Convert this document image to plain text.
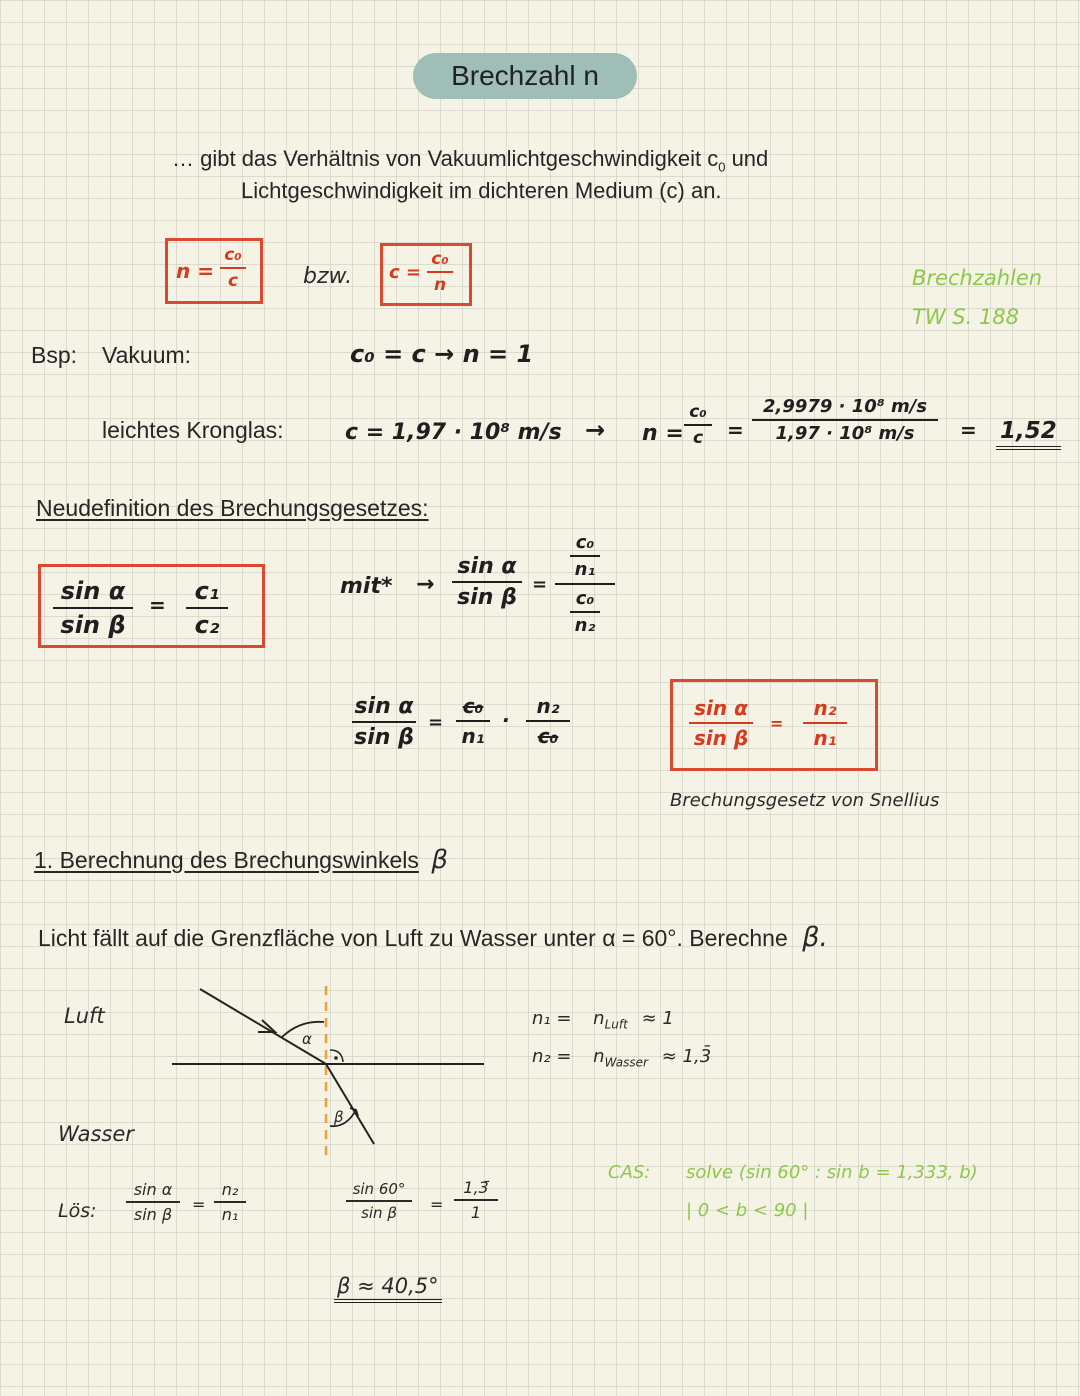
Brechzahl n
… gibt das Verhältnis von Vakuumlichtgeschwindigkeit $c_0$ und
Lichtgeschwindigkeit im dichteren Medium (c) an.
n =
c₀
c	bzw. c =
c₀
n	Brechzahlen
TW S. 188
Bsp: Vakuum:	c₀ = c → n = 1
leichtes Kronglas:	c = 1,97 · 10⁸ m/s → n =
c₀
c =
2,9979 · 10⁸ m/s
1,97 · 10⁸ m/s = 1,52
Neudefinition des Brechungsgesetzes:
sin α
sin β
= c₁
c₂
mit* →
sin α
sin β
=
c₀
n₁
c₀
n₂
sin α
sin β
=
c₀
n₁
·
n₂
c₀
sin α
sin β
=
n₂
n₁
Brechungsgesetz von Snellius
1. Berechnung des Brechungswinkels β
Licht fällt auf die Grenzfläche von Luft zu Wasser unter α = 60°. Berechne β.
Luft
Wasser
α
β
$n_1 = n_{Luft} \approx 1$
$n_2 = n_{Wasser}$ ≈ 1,3̄
CAS: solve (sin 60° : sin b = 1,333, b)
| 0 < b < 90 |
Lös:
sin α
sin β
=
n₂
n₁
sin 60°
sin β =
1,3̄
1
β ≈ 40,5°
